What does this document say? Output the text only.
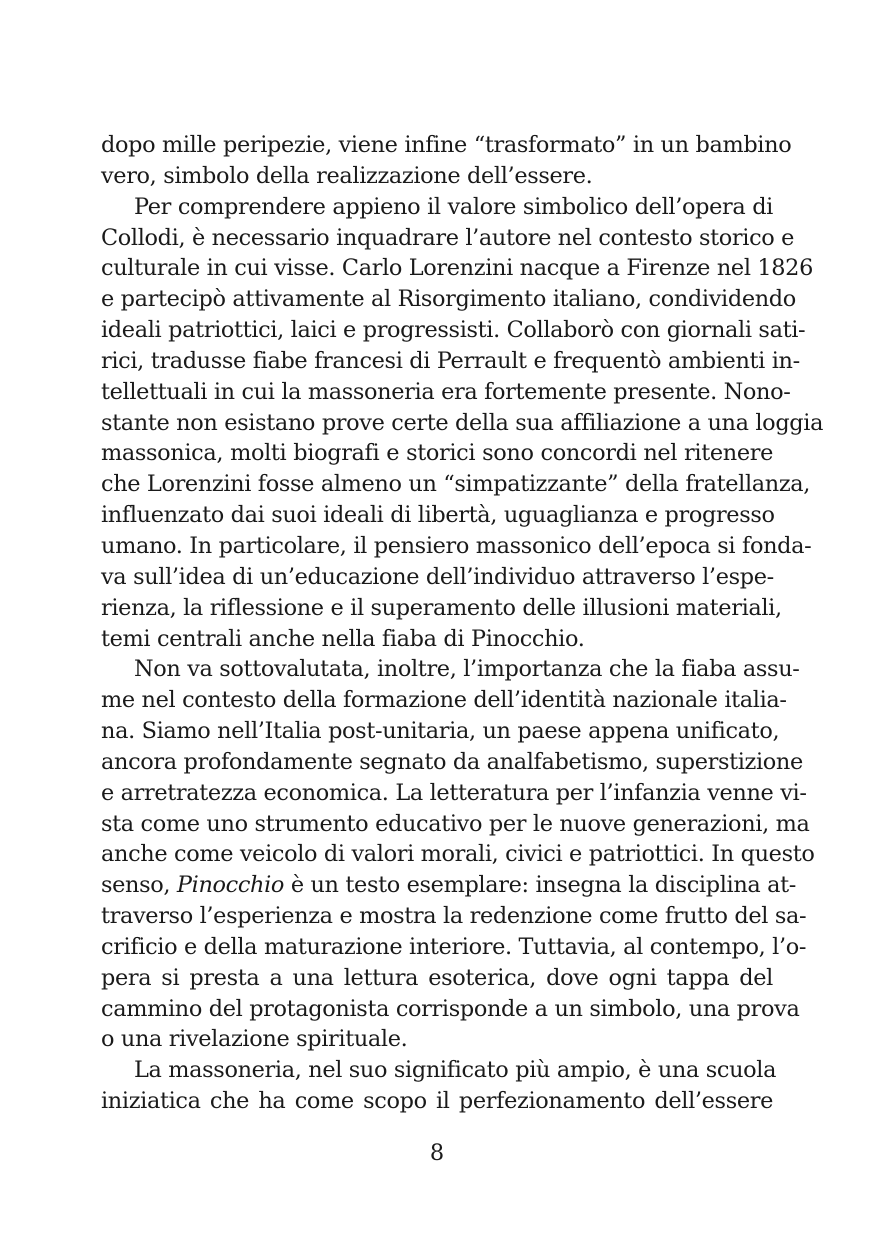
dopo mille peripezie, viene infine “trasformato” in un bambino
vero, simbolo della realizzazione dell’essere.
Per comprendere appieno il valore simbolico dell’opera di
Collodi, è necessario inquadrare l’autore nel contesto storico e
culturale in cui visse. Carlo Lorenzini nacque a Firenze nel 1826
e partecipò attivamente al Risorgimento italiano, condividendo
ideali patriottici, laici e progressisti. Collaborò con giornali sati-
rici, tradusse fiabe francesi di Perrault e frequentò ambienti in-
tellettuali in cui la massoneria era fortemente presente. Nono-
stante non esistano prove certe della sua affiliazione a una loggia
massonica, molti biografi e storici sono concordi nel ritenere
che Lorenzini fosse almeno un “simpatizzante” della fratellanza,
influenzato dai suoi ideali di libertà, uguaglianza e progresso
umano. In particolare, il pensiero massonico dell’epoca si fonda-
va sull’idea di un’educazione dell’individuo attraverso l’espe-
rienza, la riflessione e il superamento delle illusioni materiali,
temi centrali anche nella fiaba di Pinocchio.
Non va sottovalutata, inoltre, l’importanza che la fiaba assu-
me nel contesto della formazione dell’identità nazionale italia-
na. Siamo nell’Italia post-unitaria, un paese appena unificato,
ancora profondamente segnato da analfabetismo, superstizione
e arretratezza economica. La letteratura per l’infanzia venne vi-
sta come uno strumento educativo per le nuove generazioni, ma
anche come veicolo di valori morali, civici e patriottici. In questo
senso, Pinocchio è un testo esemplare: insegna la disciplina at-
traverso l’esperienza e mostra la redenzione come frutto del sa-
crificio e della maturazione interiore. Tuttavia, al contempo, l’o-
pera si presta a una lettura esoterica, dove ogni tappa del
cammino del protagonista corrisponde a un simbolo, una prova
o una rivelazione spirituale.
La massoneria, nel suo significato più ampio, è una scuola
iniziatica che ha come scopo il perfezionamento dell’essere
8
